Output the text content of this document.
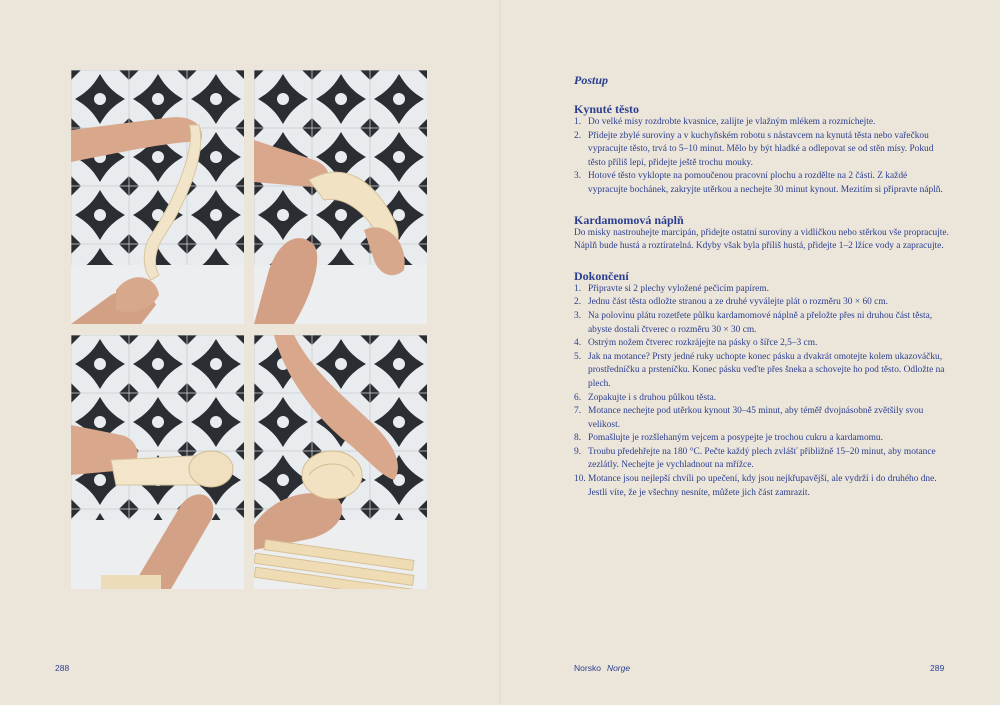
Postup
Kynuté těsto
1. Do velké mísy rozdrobte kvasnice, zalijte je vlažným mlékem a rozmíchejte.
2. Přidejte zbylé suroviny a v kuchyňském robotu s nástavcem na kynutá těsta nebo vařečkou vypracujte těsto, trvá to 5–10 minut. Mělo by být hladké a odlepovat se od stěn mísy. Pokud těsto příliš lepí, přidejte ještě trochu mouky.
3. Hotové těsto vyklopte na pomoučenou pracovní plochu a rozdělte na 2 části. Z každé vypracujte bochánek, zakryjte utěrkou a nechejte 30 minut kynout. Mezitím si připravte náplň.
Kardamomová náplň

Do misky nastrouhejte marcipán, přidejte ostatní suroviny a vidličkou nebo stěrkou vše propracujte. Náplň bude hustá a roztíratelná. Kdyby však byla příliš hustá, přidejte 1–2 lžíce vody a zapracujte.

Dokončení
1. Připravte si 2 plechy vyložené pečicím papírem.
2. Jednu část těsta odložte stranou a ze druhé vyválejte plát o rozměru 30 × 60 cm.
3. Na polovinu plátu rozetřete půlku kardamomové náplně a přeložte přes ni druhou část těsta, abyste dostali čtverec o rozměru 30 × 30 cm.
4. Ostrým nožem čtverec rozkrájejte na pásky o šířce 2,5–3 cm.
5. Jak na motance? Prsty jedné ruky uchopte konec pásku a dvakrát omotejte kolem ukazováčku, prostředníčku a prsteníčku. Konec pásku veďte přes šneka a schovejte ho pod těsto. Odložte na plech.
6. Zopakujte i s druhou půlkou těsta.
7. Motance nechejte pod utěrkou kynout 30–45 minut, aby téměř dvojnásobně zvětšily svou velikost.
8. Pomašlujte je rozšlehaným vejcem a posypejte je trochou cukru a kardamomu.
9. Troubu předehřejte na 180 °C. Pečte každý plech zvlášť přibližně 15–20 minut, aby motance zezlátly. Nechejte je vychladnout na mřížce.
10. Motance jsou nejlepší chvíli po upečení, kdy jsou nejkřupavější, ale vydrží i do druhého dne. Jestli víte, že je všechny nesníte, můžete jich část zamrazit.
288	Norsko Norge	289
